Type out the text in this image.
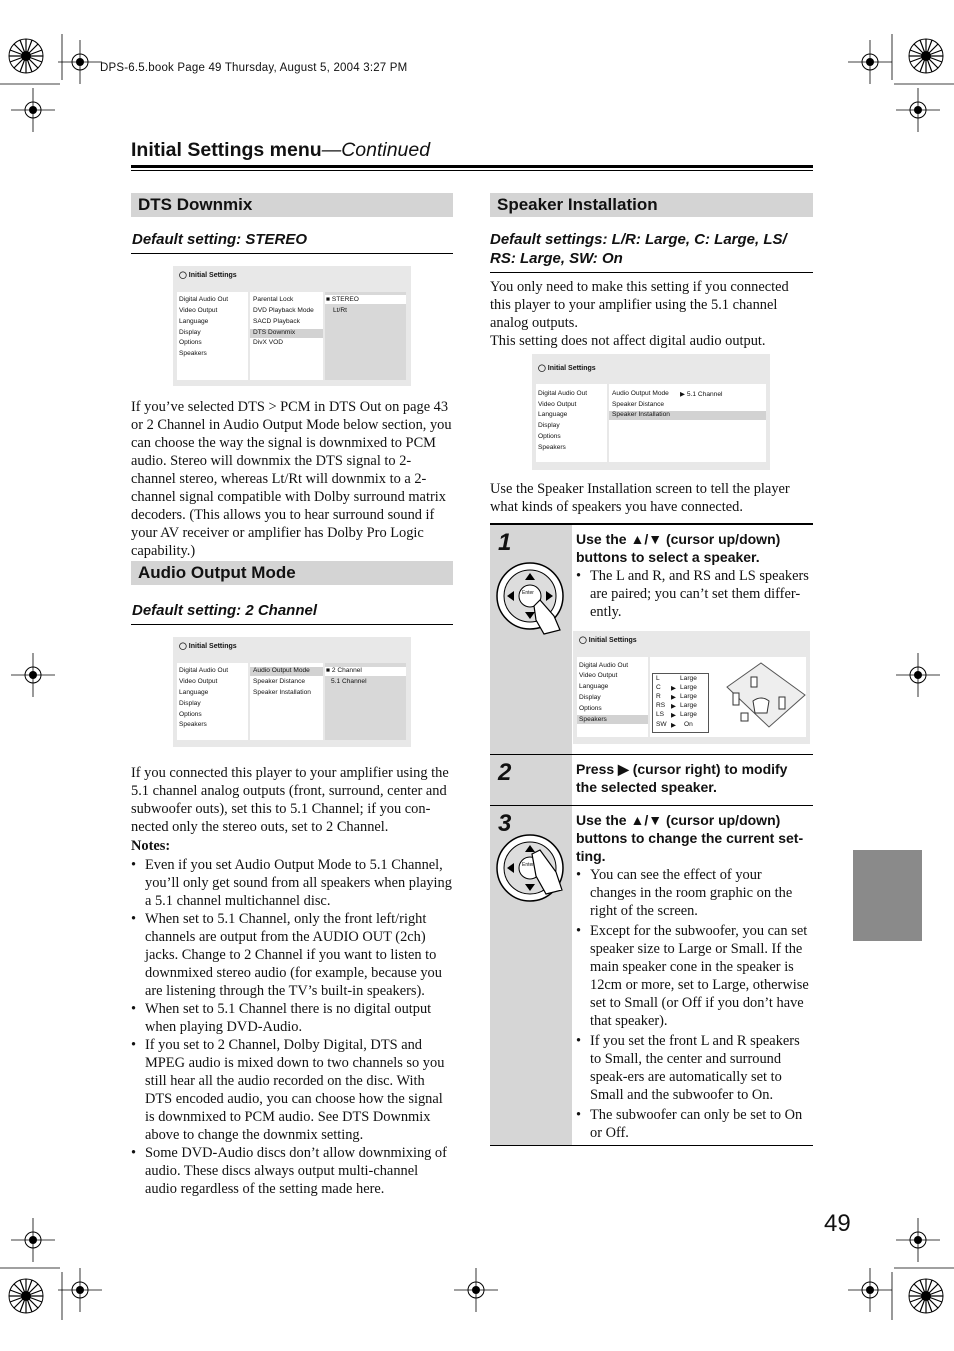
DPS-6.5.book Page 49 Thursday, August 5, 2004 3:27 PM
Initial Settings menu—Continued
DTS Downmix
Default setting: STEREO
◯ Initial Settings
Digital Audio Out
Video Output
Language
Display
Options
Speakers
Parental Lock
DVD Playback Mode
SACD Playback
DTS Downmix
DivX VOD
■ STEREO
Lt/Rt
If you’ve selected DTS > PCM in DTS Out on page 43 or 2 Channel in Audio Output Mode below section, you can choose the way the signal is downmixed to PCM audio. Stereo will downmix the DTS signal to 2-channel stereo, whereas Lt/Rt will downmix to a 2-channel signal compatible with Dolby surround matrix decoders. (This allows you to hear surround sound if your AV receiver or amplifier has Dolby Pro Logic capability.)
Audio Output Mode
Default setting: 2 Channel
◯ Initial Settings
Digital Audio Out
Video Output
Language
Display
Options
Speakers
Audio Output Mode
Speaker Distance
Speaker Installation
■ 2 Channel
5.1 Channel
If you connected this player to your amplifier using the 5.1 channel analog outputs (front, surround, center and subwoofer outs), set this to 5.1 Channel; if you con-nected only the stereo outs, set to 2 Channel.
Notes:
• Even if you set Audio Output Mode to 5.1 Channel, you’ll only get sound from all speakers when playing a 5.1 channel multichannel disc.
• When set to 5.1 Channel, only the front left/right channels are output from the AUDIO OUT (2ch) jacks. Change to 2 Channel if you want to listen to downmixed stereo audio (for example, because you are listening through the TV’s built-in speakers).
• When set to 5.1 Channel there is no digital output when playing DVD-Audio.
• If you set to 2 Channel, Dolby Digital, DTS and MPEG audio is mixed down to two channels so you still hear all the audio recorded on the disc. With DTS encoded audio, you can choose how the signal is downmixed to PCM audio. See DTS Downmix above to change the downmix setting.
• Some DVD-Audio discs don’t allow downmixing of audio. These discs always output multi-channel audio regardless of the setting made here.
Speaker Installation
Default settings: L/R: Large, C: Large, LS/ RS: Large, SW: On
You only need to make this setting if you connected this player to your amplifier using the 5.1 channel analog outputs.
This setting does not affect digital audio output.
◯ Initial Settings
Digital Audio Out
Video Output
Language
Display
Options
Speakers
Audio Output Mode
Speaker Distance
Speaker Installation
▶ 5.1 Channel
Use the Speaker Installation screen to tell the player what kinds of speakers you have connected.
1
2
3
Enter
Enter
Use the ▲/▼ (cursor up/down) buttons to select a speaker.
• The L and R, and RS and LS speakers are paired; you can’t set them differ-ently.
◯ Initial Settings
Digital Audio Out
Video Output
Language
Display
Options
Speakers
L	Large
C ▶ Large
R ▶ Large
RS ▶ Large
LS ▶ Large
SW ▶ On
Press ▶ (cursor right) to modify the selected speaker.
Use the ▲/▼ (cursor up/down) buttons to change the current set-ting.
• You can see the effect of your changes in the room graphic on the right of the screen.
• Except for the subwoofer, you can set speaker size to Large or Small. If the main speaker cone in the speaker is 12cm or more, set to Large, otherwise set to Small (or Off if you don’t have that speaker).
• If you set the front L and R speakers to Small, the center and surround speak-ers are automatically set to Small and the subwoofer to On.
• The subwoofer can only be set to On or Off.
49
